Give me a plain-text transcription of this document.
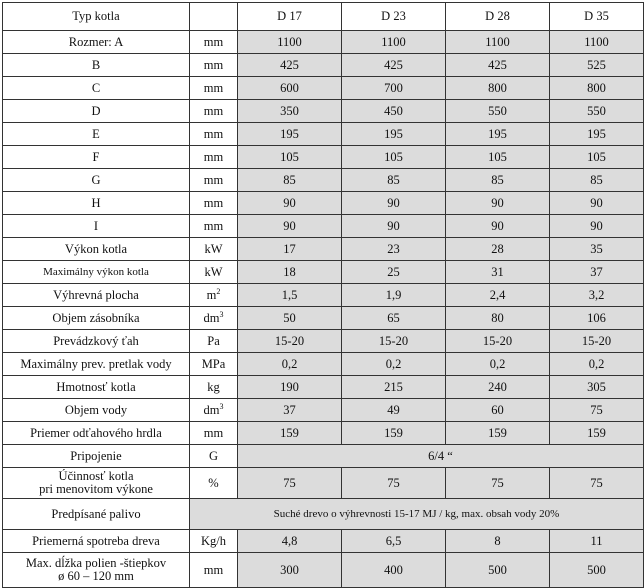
Typ kotla		D 17	D 23	D 28	D 35
Rozmer: A	mm	1100	1100	1100	1100
B	mm	425	425	425	525
C	mm	600	700	800	800
D	mm	350	450	550	550
E	mm	195	195	195	195
F	mm	105	105	105	105
G	mm	85	85	85	85
H	mm	90	90	90	90
I	mm	90	90	90	90
Výkon kotla	kW	17	23	28	35
Maximálny výkon kotla	kW	18	25	31	37
Výhrevná plocha	$m^2$	1,5	1,9	2,4	3,2
Objem zásobníka	$dm^3$	50	65	80	106
Prevádzkový ťah	Pa	15-20	15-20	15-20	15-20
Maximálny prev. pretlak vody	MPa	0,2	0,2	0,2	0,2
Hmotnosť kotla	kg	190	215	240	305
Objem vody	$dm^3$	37	49	60	75
Priemer odťahového hrdla	mm	159	159	159	159
Pripojenie	G	6/4 “			

Účinnosť kotla
pri menovitom výkone	%	75	75	75	75
Predpísané palivo	Suché drevo o výhrevnosti 15-17 MJ / kg, max. obsah vody 20%				
Priemerná spotreba dreva	Kg/h	4,8	6,5	8	11

Max. dĺžka polien -štiepkov
ø 60 – 120 mm	mm	300	400	500	500
